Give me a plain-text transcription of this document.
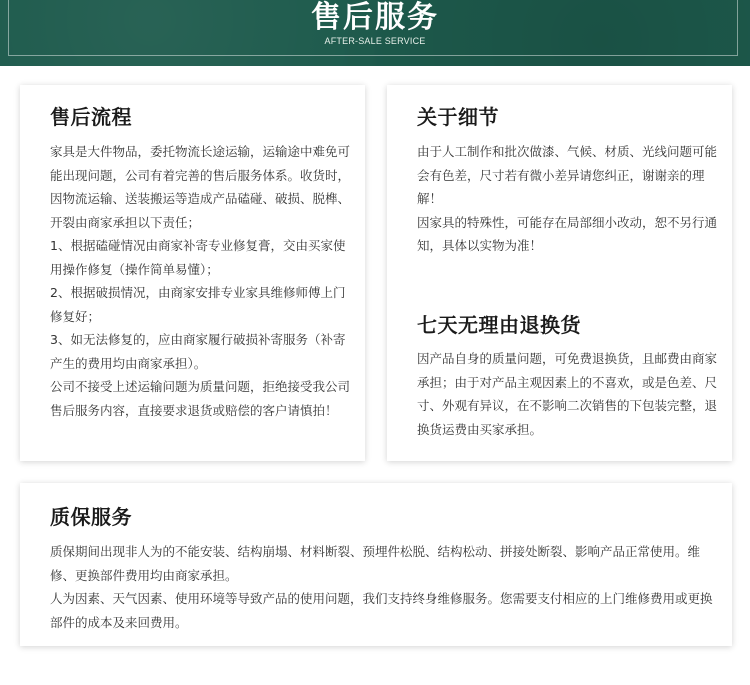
售后服务
AFTER-SALE SERVICE
售后流程

家具是大件物品，委托物流长途运输，运输途中难免可能出现问题，公司有着完善的售后服务体系。收货时，因物流运输、送装搬运等造成产品磕碰、破损、脱榫、开裂由商家承担以下责任；

1、根据磕碰情况由商家补寄专业修复膏，交由买家使用操作修复（操作简单易懂）；

2、根据破损情况，由商家安排专业家具维修师傅上门修复好；

3、如无法修复的，应由商家履行破损补寄服务（补寄产生的费用均由商家承担）。

公司不接受上述运输问题为质量问题，拒绝接受我公司售后服务内容，直接要求退货或赔偿的客户请慎拍！

关于细节

由于人工制作和批次做漆、气候、材质、光线问题可能会有色差，尺寸若有微小差异请您纠正，谢谢亲的理解！

因家具的特殊性，可能存在局部细小改动，恕不另行通知，具体以实物为准！

七天无理由退换货

因产品自身的质量问题，可免费退换货，且邮费由商家承担；由于对产品主观因素上的不喜欢，或是色差、尺寸、外观有异议，在不影响二次销售的下包装完整，退换货运费由买家承担。

质保服务

质保期间出现非人为的不能安装、结构崩塌、材料断裂、预埋件松脱、结构松动、拼接处断裂、影响产品正常使用。维修、更换部件费用均由商家承担。

人为因素、天气因素、使用环境等导致产品的使用问题，我们支持终身维修服务。您需要支付相应的上门维修费用或更换部件的成本及来回费用。
